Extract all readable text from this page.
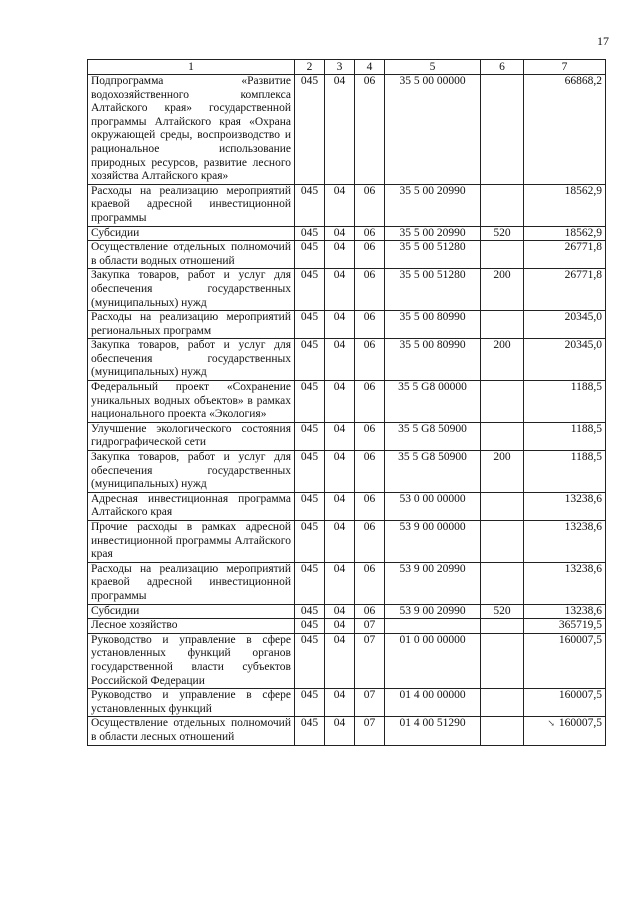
17
1	2	3	4	5	6	7
Подпрограмма «Развитие водохозяйственного комплекса Алтайского края» государственной программы Алтайского края «Охрана окружающей среды, воспроизводство и рациональное использование природных ресурсов, развитие лесного хозяйства Алтайского края»	045	04	06	35 5 00 00000		66868,2
Расходы на реализацию мероприятий краевой адресной инвестиционной программы	045	04	06	35 5 00 20990		18562,9
Субсидии	045	04	06	35 5 00 20990	520	18562,9
Осуществление отдельных полномочий в области водных отношений	045	04	06	35 5 00 51280		26771,8
Закупка товаров, работ и услуг для обеспечения государственных (муниципальных) нужд	045	04	06	35 5 00 51280	200	26771,8
Расходы на реализацию мероприятий региональных программ	045	04	06	35 5 00 80990		20345,0
Закупка товаров, работ и услуг для обеспечения государственных (муниципальных) нужд	045	04	06	35 5 00 80990	200	20345,0
Федеральный проект «Сохранение уникальных водных объектов» в рамках национального проекта «Экология»	045	04	06	35 5 G8 00000		1188,5
Улучшение экологического состояния гидрографической сети	045	04	06	35 5 G8 50900		1188,5
Закупка товаров, работ и услуг для обеспечения государственных (муниципальных) нужд	045	04	06	35 5 G8 50900	200	1188,5
Адресная инвестиционная программа Алтайского края	045	04	06	53 0 00 00000		13238,6
Прочие расходы в рамках адресной инвестиционной программы Алтайского края	045	04	06	53 9 00 00000		13238,6
Расходы на реализацию мероприятий краевой адресной инвестиционной программы	045	04	06	53 9 00 20990		13238,6
Субсидии	045	04	06	53 9 00 20990	520	13238,6
Лесное хозяйство	045	04	07			365719,5
Руководство и управление в сфере установленных функций органов государственной власти субъектов Российской Федерации	045	04	07	01 0 00 00000		160007,5
Руководство и управление в сфере установленных функций	045	04	07	01 4 00 00000		160007,5
Осуществление отдельных полномочий в области лесных отношений	045	04	07	01 4 00 51290		↘ 160007,5
